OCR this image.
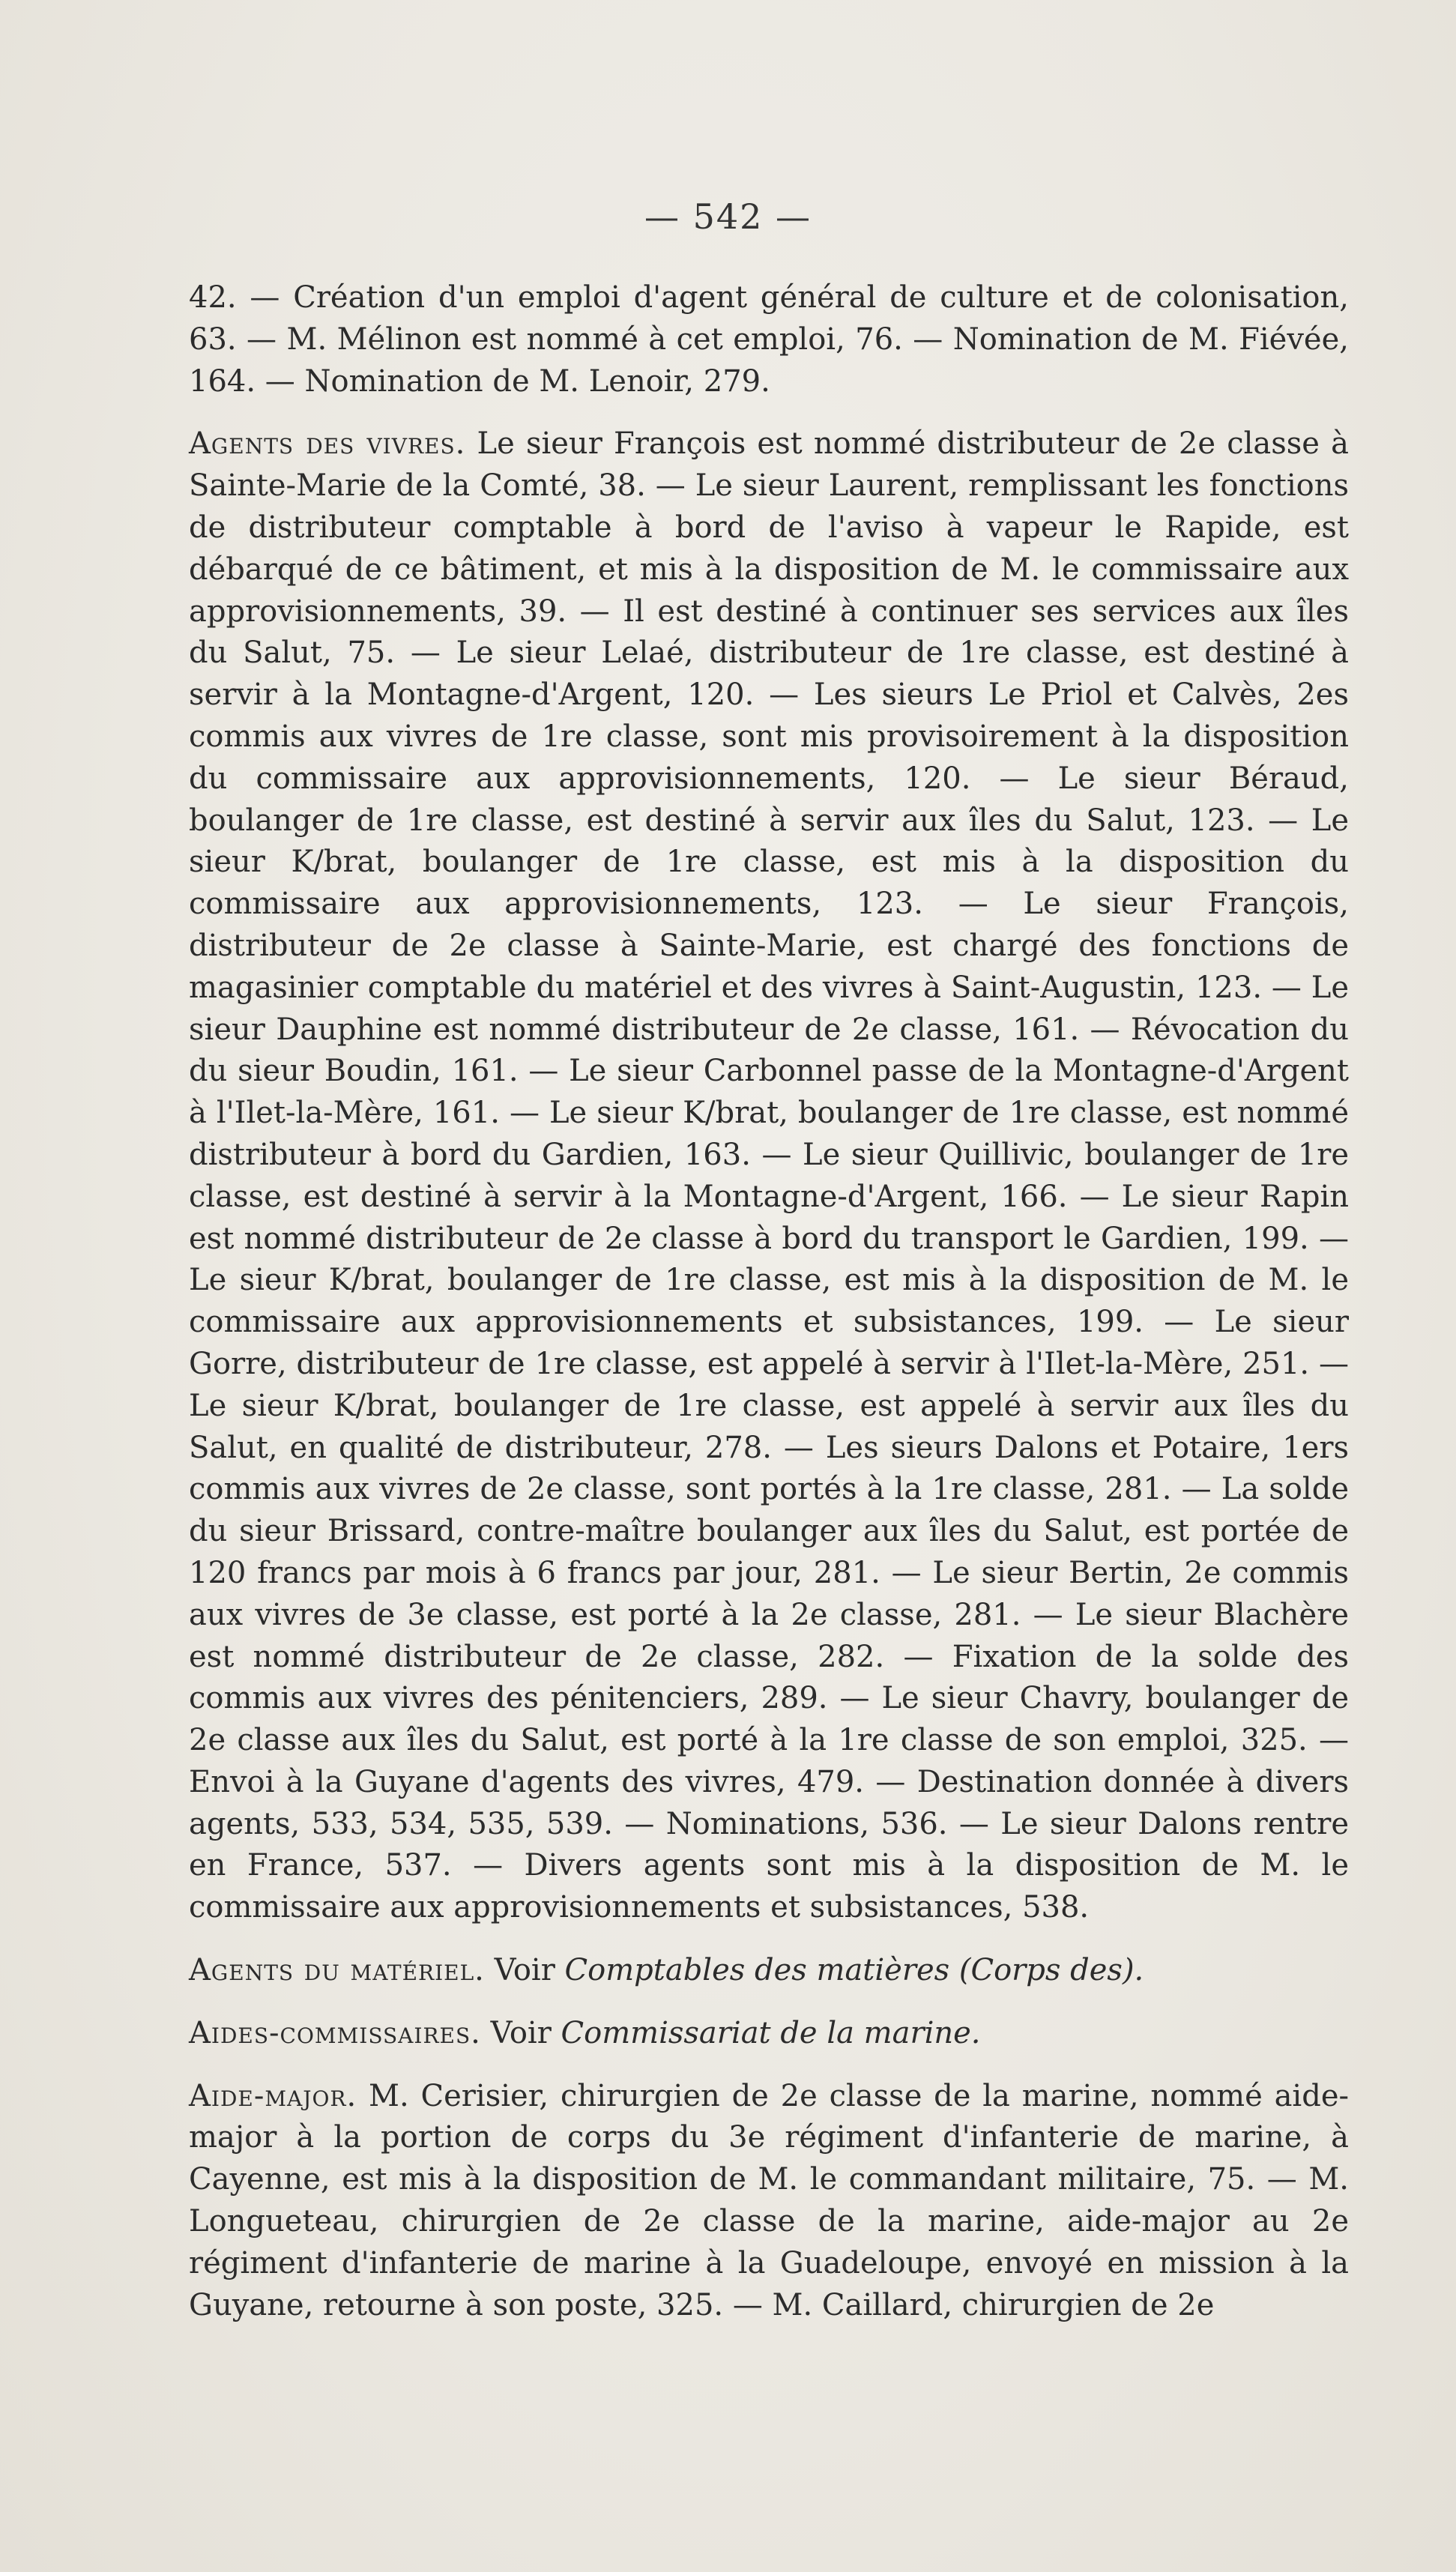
— 542 —

42. — Création d'un emploi d'agent général de culture et de colonisation, 63. — M. Mélinon est nommé à cet emploi, 76. — Nomination de M. Fiévée, 164. — Nomination de M. Lenoir, 279.

Agents des vivres. Le sieur François est nommé distributeur de 2e classe à Sainte-Marie de la Comté, 38. — Le sieur Laurent, remplissant les fonctions de distributeur comptable à bord de l'aviso à vapeur le Rapide, est débarqué de ce bâtiment, et mis à la disposition de M. le commissaire aux approvisionnements, 39. — Il est destiné à continuer ses services aux îles du Salut, 75. — Le sieur Lelaé, distributeur de 1re classe, est destiné à servir à la Montagne-d'Argent, 120. — Les sieurs Le Priol et Calvès, 2es commis aux vivres de 1re classe, sont mis provisoirement à la disposition du commissaire aux approvisionnements, 120. — Le sieur Béraud, boulanger de 1re classe, est destiné à servir aux îles du Salut, 123. — Le sieur K/brat, boulanger de 1re classe, est mis à la disposition du commissaire aux approvisionnements, 123. — Le sieur François, distributeur de 2e classe à Sainte-Marie, est chargé des fonctions de magasinier comptable du matériel et des vivres à Saint-Augustin, 123. — Le sieur Dauphine est nommé distributeur de 2e classe, 161. — Révocation du du sieur Boudin, 161. — Le sieur Carbonnel passe de la Montagne-d'Argent à l'Ilet-la-Mère, 161. — Le sieur K/brat, boulanger de 1re classe, est nommé distributeur à bord du Gardien, 163. — Le sieur Quillivic, boulanger de 1re classe, est destiné à servir à la Montagne-d'Argent, 166. — Le sieur Rapin est nommé distributeur de 2e classe à bord du transport le Gardien, 199. — Le sieur K/brat, boulanger de 1re classe, est mis à la disposition de M. le commissaire aux approvisionnements et subsistances, 199. — Le sieur Gorre, distributeur de 1re classe, est appelé à servir à l'Ilet-la-Mère, 251. — Le sieur K/brat, boulanger de 1re classe, est appelé à servir aux îles du Salut, en qualité de distributeur, 278. — Les sieurs Dalons et Potaire, 1ers commis aux vivres de 2e classe, sont portés à la 1re classe, 281. — La solde du sieur Brissard, contre-maître boulanger aux îles du Salut, est portée de 120 francs par mois à 6 francs par jour, 281. — Le sieur Bertin, 2e commis aux vivres de 3e classe, est porté à la 2e classe, 281. — Le sieur Blachère est nommé distributeur de 2e classe, 282. — Fixation de la solde des commis aux vivres des pénitenciers, 289. — Le sieur Chavry, boulanger de 2e classe aux îles du Salut, est porté à la 1re classe de son emploi, 325. — Envoi à la Guyane d'agents des vivres, 479. — Destination donnée à divers agents, 533, 534, 535, 539. — Nominations, 536. — Le sieur Dalons rentre en France, 537. — Divers agents sont mis à la disposition de M. le commissaire aux approvisionnements et subsistances, 538.

Agents du matériel. Voir Comptables des matières (Corps des).

Aides-commissaires. Voir Commissariat de la marine.

Aide-major. M. Cerisier, chirurgien de 2e classe de la marine, nommé aide-major à la portion de corps du 3e régiment d'infanterie de marine, à Cayenne, est mis à la disposition de M. le commandant militaire, 75. — M. Longueteau, chirurgien de 2e classe de la marine, aide-major au 2e régiment d'infanterie de marine à la Guadeloupe, envoyé en mission à la Guyane, retourne à son poste, 325. — M. Caillard, chirurgien de 2e
